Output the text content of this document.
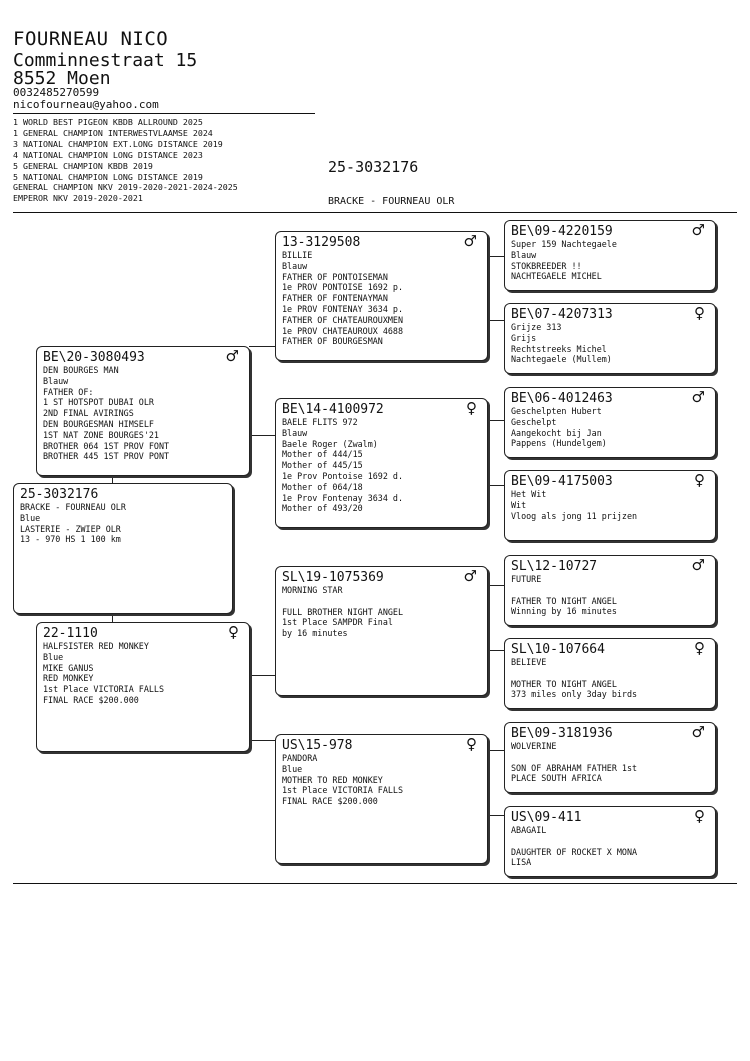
FOURNEAU NICO
Comminnestraat 15
8552 Moen
0032485270599
nicofourneau@yahoo.com
1 WORLD BEST PIGEON KBDB ALLROUND 2025
1 GENERAL CHAMPION INTERWESTVLAAMSE 2024
3 NATIONAL CHAMPION EXT.LONG DISTANCE 2019
4 NATIONAL CHAMPION LONG DISTANCE 2023
5 GENERAL CHAMPION KBDB 2019
5 NATIONAL CHAMPION LONG DISTANCE 2019
GENERAL CHAMPION NKV 2019-2020-2021-2024-2025
EMPEROR NKV 2019-2020-2021
25-3032176
BRACKE - FOURNEAU OLR
25-3032176
BRACKE - FOURNEAU OLR
Blue
LASTERIE - ZWIEP OLR
13 - 970 HS 1 100 km
BE\20-3080493	♂
DEN BOURGES MAN
Blauw
FATHER OF:
1 ST HOTSPOT DUBAI OLR
2ND FINAL AVIRINGS
DEN BOURGESMAN HIMSELF
1ST NAT ZONE BOURGES'21
BROTHER 064 1ST PROV FONT
BROTHER 445 1ST PROV PONT
22-1110	♀
HALFSISTER RED MONKEY
Blue
MIKE GANUS
RED MONKEY
1st Place VICTORIA FALLS
FINAL RACE $200.000
13-3129508	♂
BILLIE
Blauw
FATHER OF PONTOISEMAN
1e PROV PONTOISE 1692 p.
FATHER OF FONTENAYMAN
1e PROV FONTENAY 3634 p.
FATHER OF CHATEAUROUXMEN
1e PROV CHATEAUROUX 4688
FATHER OF BOURGESMAN
BE\14-4100972	♀
BAELE FLITS 972
Blauw
Baele Roger (Zwalm)
Mother of 444/15
Mother of 445/15
1e Prov Pontoise 1692 d.
Mother of 064/18
1e Prov Fontenay 3634 d.
Mother of 493/20
SL\19-1075369	♂
MORNING STAR

FULL BROTHER NIGHT ANGEL
1st Place SAMPDR Final
by 16 minutes
US\15-978	♀
PANDORA
Blue
MOTHER TO RED MONKEY
1st Place VICTORIA FALLS
FINAL RACE $200.000
BE\09-4220159	♂
Super 159 Nachtegaele
Blauw
STOKBREEDER !!
NACHTEGAELE MICHEL
BE\07-4207313	♀
Grijze 313
Grijs
Rechtstreeks Michel
Nachtegaele (Mullem)
BE\06-4012463	♂
Geschelpten Hubert
Geschelpt
Aangekocht bij Jan
Pappens (Hundelgem)
BE\09-4175003	♀
Het Wit
Wit
Vloog als jong 11 prijzen
SL\12-10727	♂
FUTURE

FATHER TO NIGHT ANGEL
Winning by 16 minutes
SL\10-107664	♀
BELIEVE

MOTHER TO NIGHT ANGEL
373 miles only 3day birds
BE\09-3181936	♂
WOLVERINE

SON OF ABRAHAM FATHER 1st
PLACE SOUTH AFRICA
US\09-411	♀
ABAGAIL

DAUGHTER OF ROCKET X MONA
LISA
